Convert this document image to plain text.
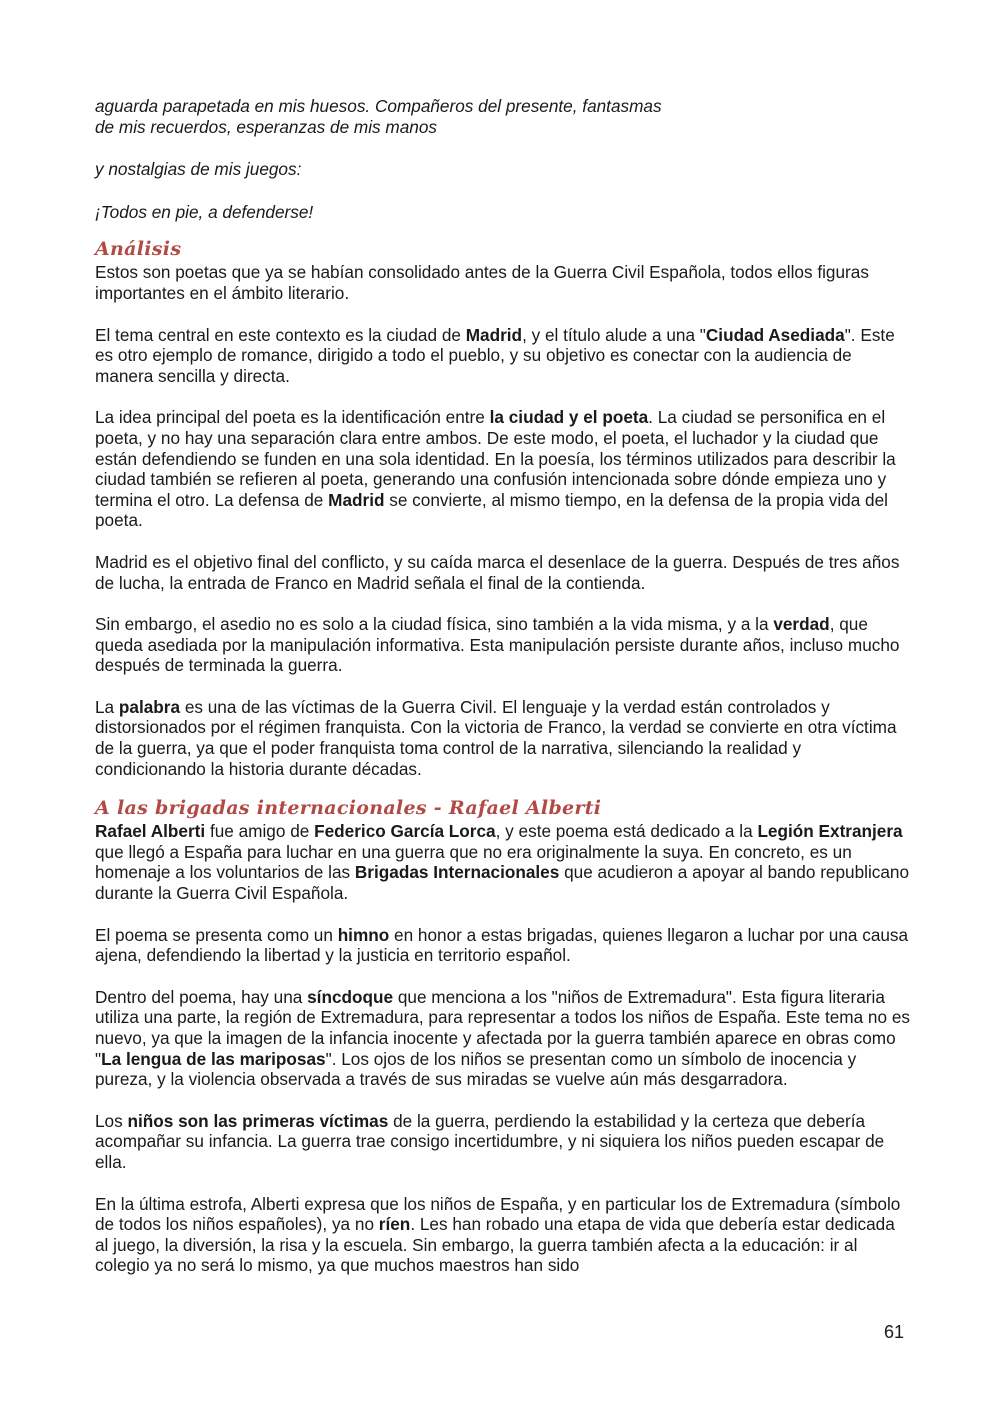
aguarda parapetada en mis huesos. Compañeros del presente, fantasmas
de mis recuerdos, esperanzas de mis manos

y nostalgias de mis juegos:

¡Todos en pie, a defenderse!

Análisis

Estos son poetas que ya se habían consolidado antes de la Guerra Civil Española, todos ellos figuras importantes en el ámbito literario.

El tema central en este contexto es la ciudad de Madrid, y el título alude a una "Ciudad Asediada". Este es otro ejemplo de romance, dirigido a todo el pueblo, y su objetivo es conectar con la audiencia de manera sencilla y directa.

La idea principal del poeta es la identificación entre la ciudad y el poeta. La ciudad se personifica en el poeta, y no hay una separación clara entre ambos. De este modo, el poeta, el luchador y la ciudad que están defendiendo se funden en una sola identidad. En la poesía, los términos utilizados para describir la ciudad también se refieren al poeta, generando una confusión intencionada sobre dónde empieza uno y termina el otro. La defensa de Madrid se convierte, al mismo tiempo, en la defensa de la propia vida del poeta.

Madrid es el objetivo final del conflicto, y su caída marca el desenlace de la guerra. Después de tres años de lucha, la entrada de Franco en Madrid señala el final de la contienda.

Sin embargo, el asedio no es solo a la ciudad física, sino también a la vida misma, y a la verdad, que queda asediada por la manipulación informativa. Esta manipulación persiste durante años, incluso mucho después de terminada la guerra.

La palabra es una de las víctimas de la Guerra Civil. El lenguaje y la verdad están controlados y distorsionados por el régimen franquista. Con la victoria de Franco, la verdad se convierte en otra víctima de la guerra, ya que el poder franquista toma control de la narrativa, silenciando la realidad y condicionando la historia durante décadas.

A las brigadas internacionales - Rafael Alberti

Rafael Alberti fue amigo de Federico García Lorca, y este poema está dedicado a la Legión Extranjera que llegó a España para luchar en una guerra que no era originalmente la suya. En concreto, es un homenaje a los voluntarios de las Brigadas Internacionales que acudieron a apoyar al bando republicano durante la Guerra Civil Española.

El poema se presenta como un himno en honor a estas brigadas, quienes llegaron a luchar por una causa ajena, defendiendo la libertad y la justicia en territorio español.

Dentro del poema, hay una síncdoque que menciona a los "niños de Extremadura". Esta figura literaria utiliza una parte, la región de Extremadura, para representar a todos los niños de España. Este tema no es nuevo, ya que la imagen de la infancia inocente y afectada por la guerra también aparece en obras como "La lengua de las mariposas". Los ojos de los niños se presentan como un símbolo de inocencia y pureza, y la violencia observada a través de sus miradas se vuelve aún más desgarradora.

Los niños son las primeras víctimas de la guerra, perdiendo la estabilidad y la certeza que debería acompañar su infancia. La guerra trae consigo incertidumbre, y ni siquiera los niños pueden escapar de ella.

En la última estrofa, Alberti expresa que los niños de España, y en particular los de Extremadura (símbolo de todos los niños españoles), ya no ríen. Les han robado una etapa de vida que debería estar dedicada al juego, la diversión, la risa y la escuela. Sin embargo, la guerra también afecta a la educación: ir al colegio ya no será lo mismo, ya que muchos maestros han sido

61
